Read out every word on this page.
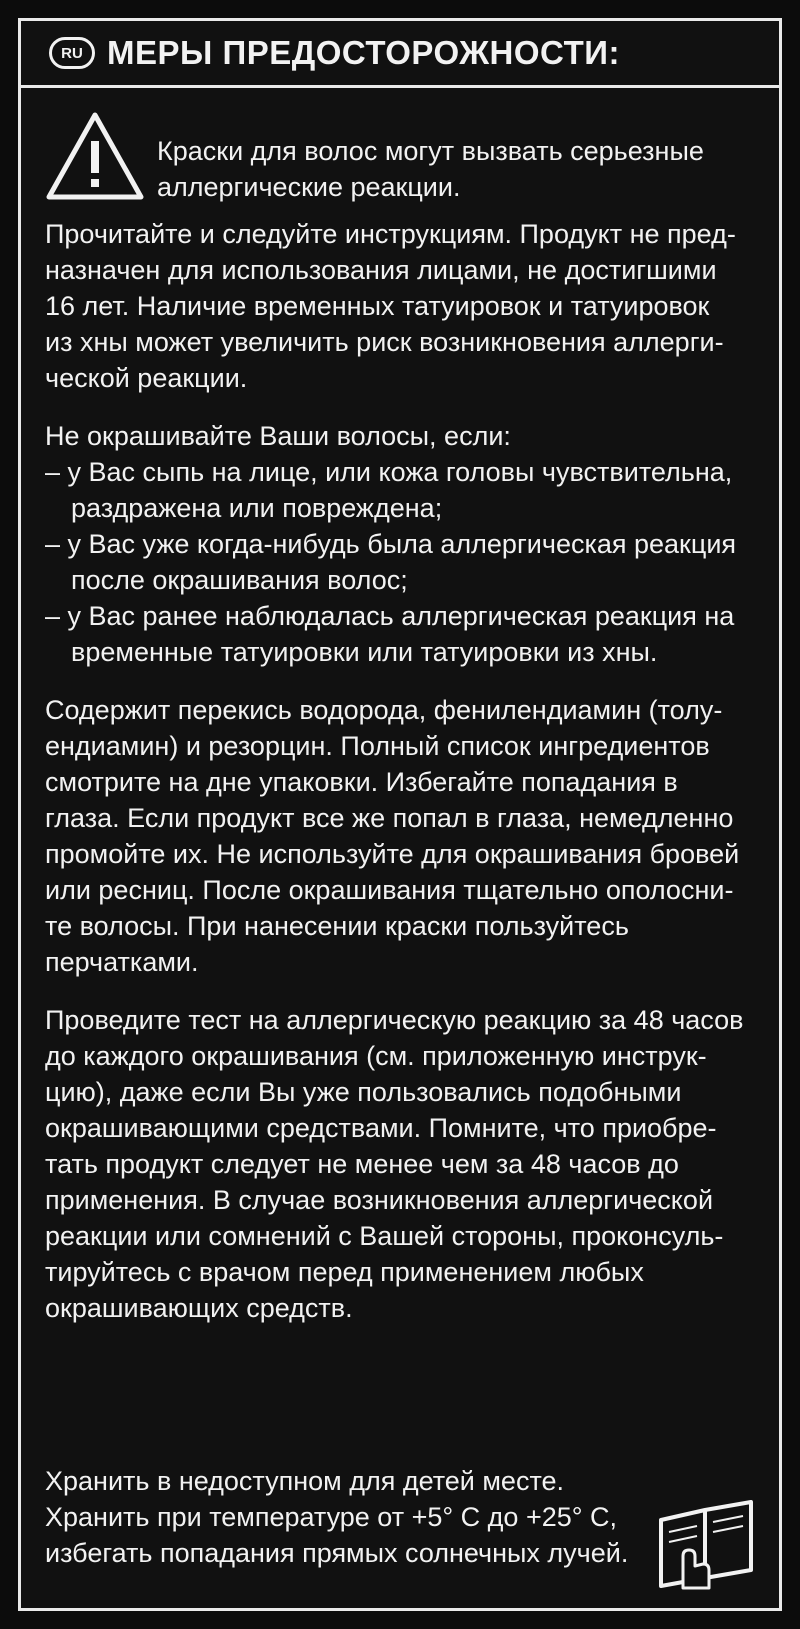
RU МЕРЫ ПРЕДОСТОРОЖНОСТИ:
Краски для волос могут вызвать серьезные
аллергические реакции.
Прочитайте и следуйте инструкциям. Продукт не пред-
назначен для использования лицами, не достигшими
16 лет. Наличие временных татуировок и татуировок
из хны может увеличить риск возникновения аллерги-
ческой реакции.
Не окрашивайте Ваши волосы, если:
– у Вас сыпь на лице, или кожа головы чувствительна,
раздражена или повреждена;
– у Вас уже когда-нибудь была аллергическая реакция
после окрашивания волос;
– у Вас ранее наблюдалась аллергическая реакция на
временные татуировки или татуировки из хны.
Содержит перекись водорода, фенилендиамин (толу-
ендиамин) и резорцин. Полный список ингредиентов
смотрите на дне упаковки. Избегайте попадания в
глаза. Если продукт все же попал в глаза, немедленно
промойте их. Не используйте для окрашивания бровей
или ресниц. После окрашивания тщательно ополосни-
те волосы. При нанесении краски пользуйтесь
перчатками.
Проведите тест на аллергическую реакцию за 48 часов
до каждого окрашивания (см. приложенную инструк-
цию), даже если Вы уже пользовались подобными
окрашивающими средствами. Помните, что приобре-
тать продукт следует не менее чем за 48 часов до
применения. В случае возникновения аллергической
реакции или сомнений с Вашей стороны, проконсуль-
тируйтесь с врачом перед применением любых
окрашивающих средств.
Хранить в недоступном для детей месте.
Хранить при температуре от +5° С до +25° С,
избегать попадания прямых солнечных лучей.
